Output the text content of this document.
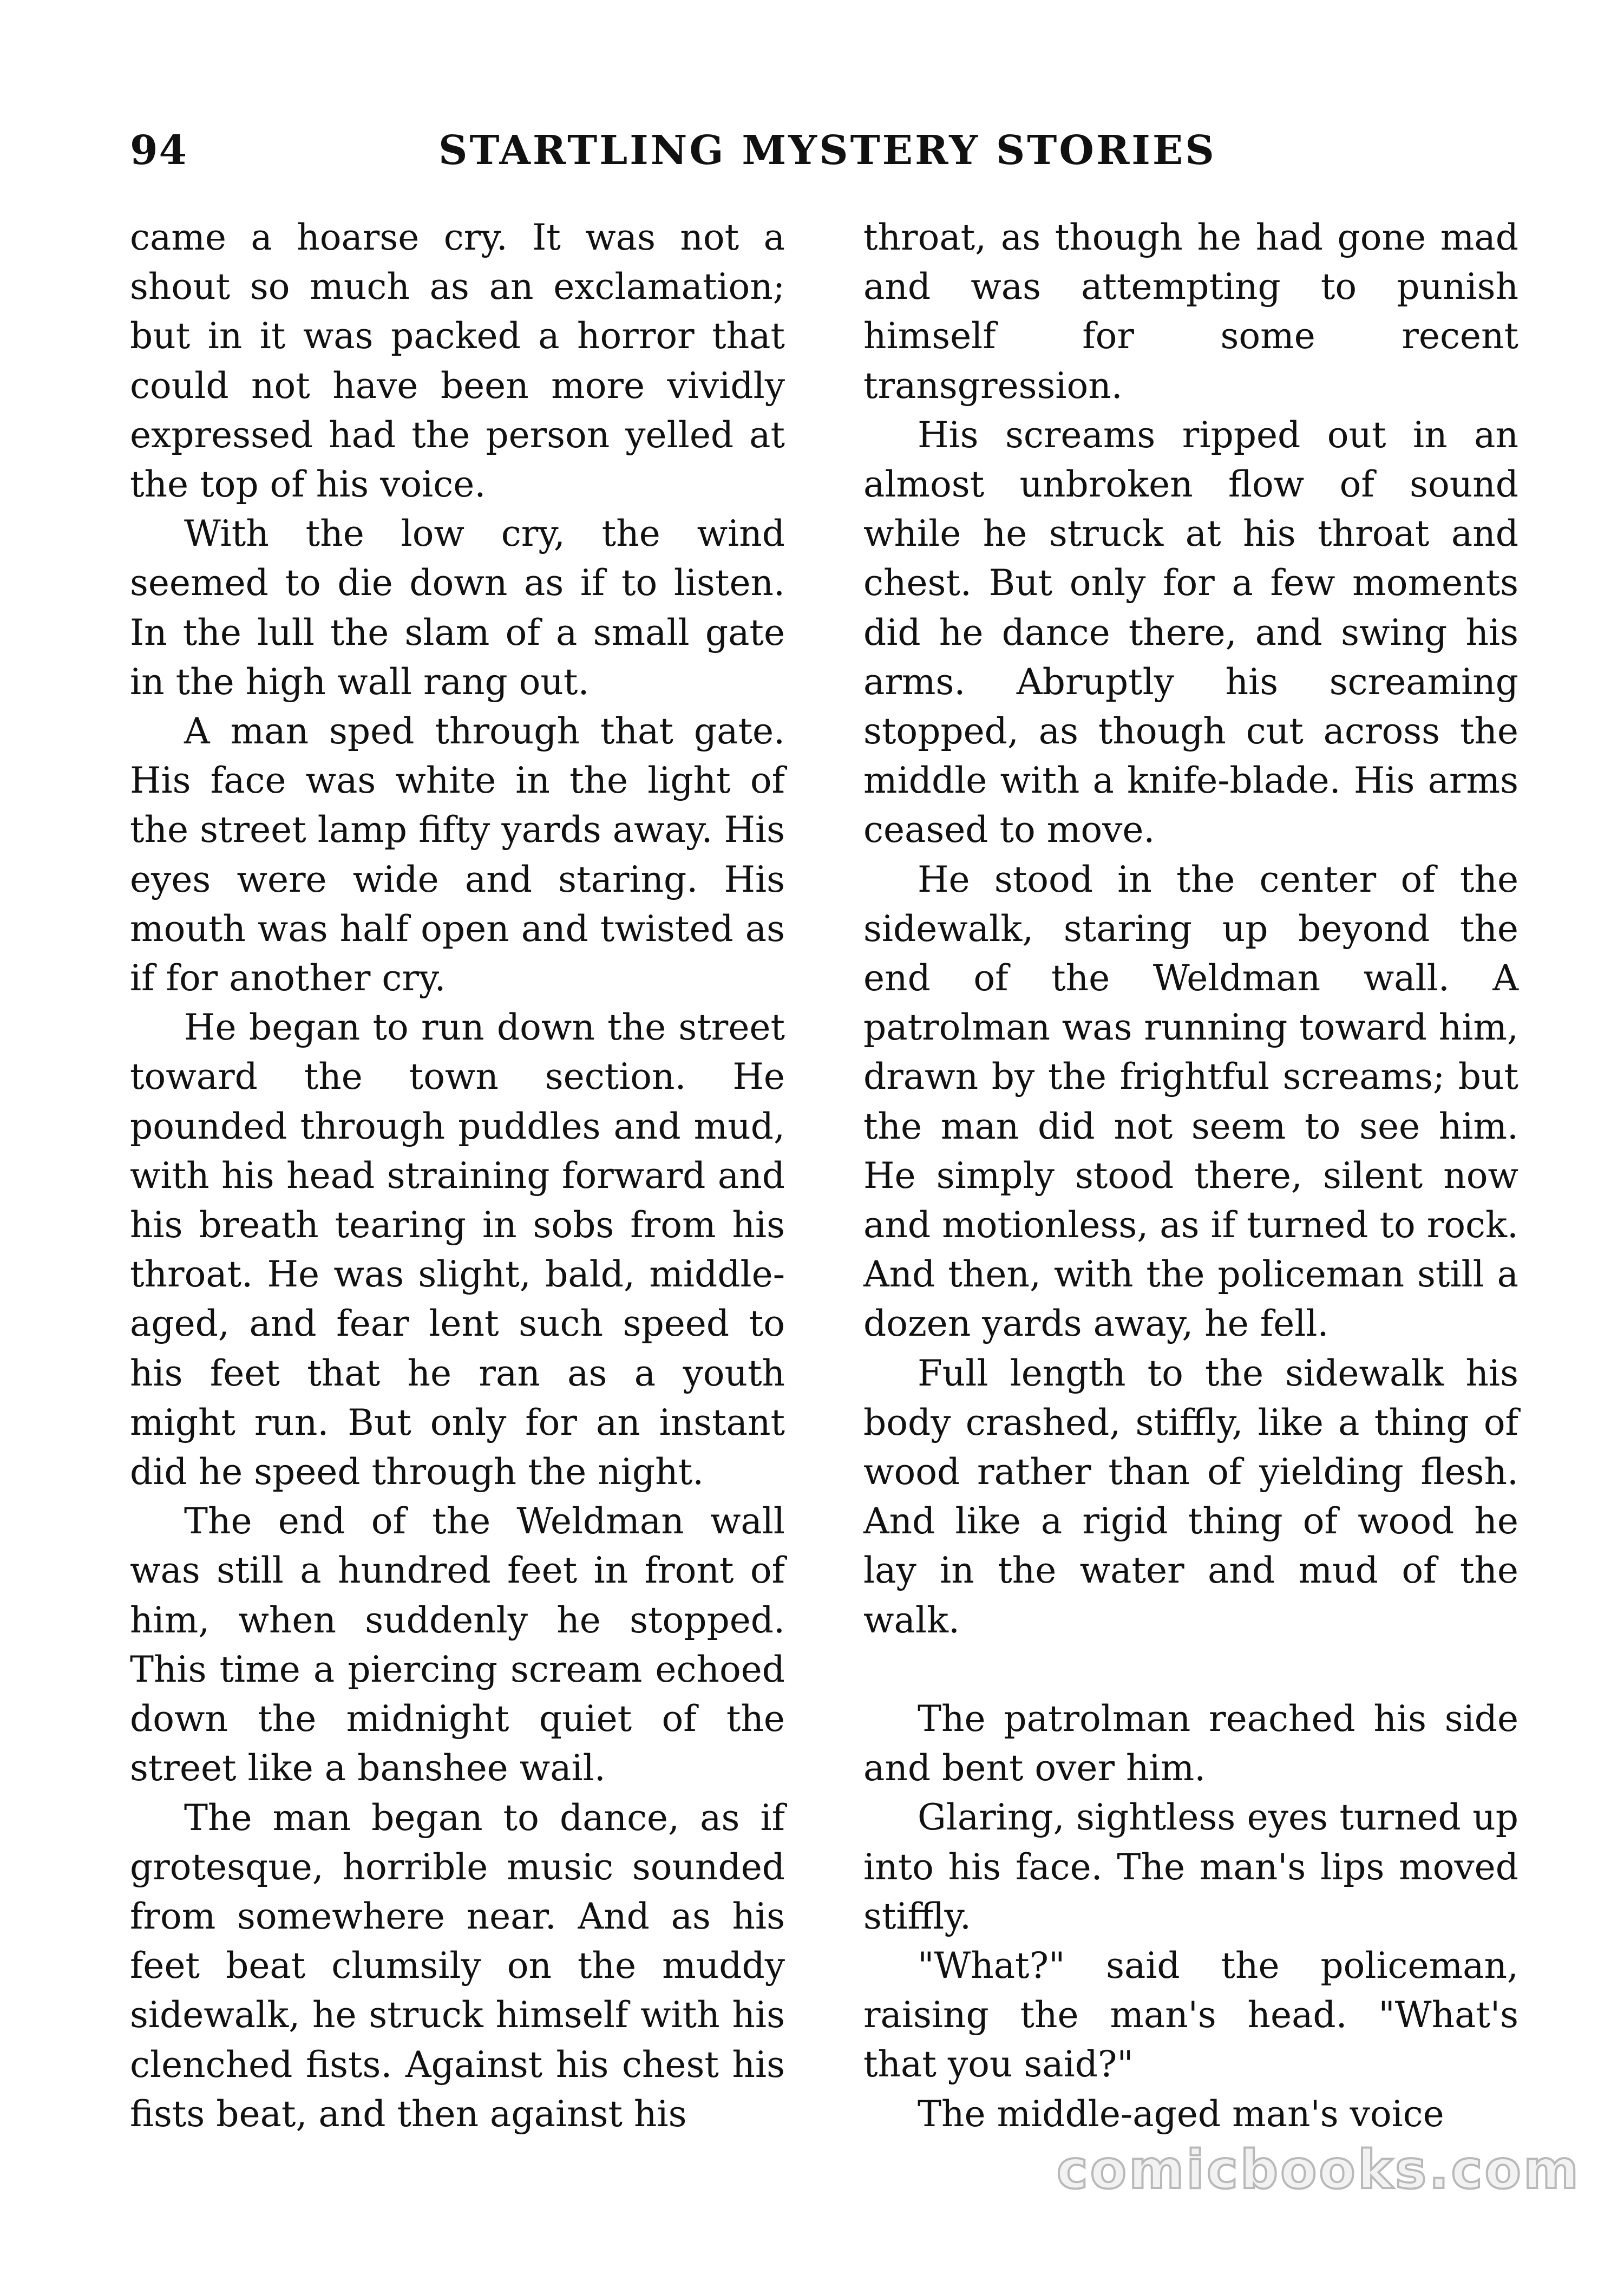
94	STARTLING MYSTERY STORIES

came a hoarse cry. It was not a shout so much as an exclamation; but in it was packed a horror that could not have been more vividly expressed had the person yelled at the top of his voice.

With the low cry, the wind seemed to die down as if to listen. In the lull the slam of a small gate in the high wall rang out.

A man sped through that gate. His face was white in the light of the street lamp fifty yards away. His eyes were wide and staring. His mouth was half open and twisted as if for another cry.

He began to run down the street toward the town section. He pounded through puddles and mud, with his head straining forward and his breath tearing in sobs from his throat. He was slight, bald, middle-aged, and fear lent such speed to his feet that he ran as a youth might run. But only for an instant did he speed through the night.

The end of the Weldman wall was still a hundred feet in front of him, when suddenly he stopped. This time a piercing scream echoed down the midnight quiet of the street like a banshee wail.

The man began to dance, as if grotesque, horrible music sounded from somewhere near. And as his feet beat clumsily on the muddy sidewalk, he struck himself with his clenched fists. Against his chest his fists beat, and then against his

throat, as though he had gone mad and was attempting to punish himself for some recent transgression.

His screams ripped out in an almost unbroken flow of sound while he struck at his throat and chest. But only for a few moments did he dance there, and swing his arms. Abruptly his screaming stopped, as though cut across the middle with a knife-blade. His arms ceased to move.

He stood in the center of the sidewalk, staring up beyond the end of the Weldman wall. A patrolman was running toward him, drawn by the frightful screams; but the man did not seem to see him. He simply stood there, silent now and motionless, as if turned to rock. And then, with the policeman still a dozen yards away, he fell.

Full length to the sidewalk his body crashed, stiffly, like a thing of wood rather than of yielding flesh. And like a rigid thing of wood he lay in the water and mud of the walk.

The patrolman reached his side and bent over him.

Glaring, sightless eyes turned up into his face. The man's lips moved stiffly.

"What?" said the policeman, raising the man's head. "What's that you said?"

The middle-aged man's voice

comicbooks.com
